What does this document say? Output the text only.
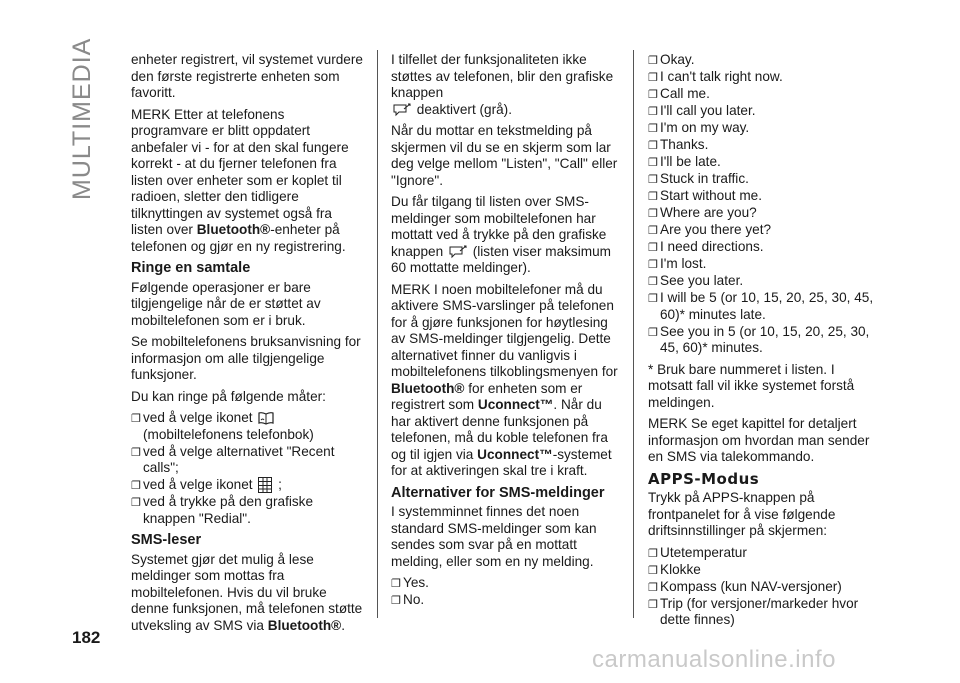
MULTIMEDIA	enheter registrert, vil systemet vurdere den første registrerte enheten som favoritt.

MERK Etter at telefonens programvare er blitt oppdatert anbefaler vi - for at den skal fungere korrekt - at du fjerner telefonen fra listen over enheter som er koplet til radioen, sletter den tidligere tilknyttingen av systemet også fra listen over Bluetooth®-enheter på telefonen og gjør en ny registrering.

Ringe en samtale

Følgende operasjoner er bare tilgjengelige når de er støttet av mobiltelefonen som er i bruk.

Se mobiltelefonens bruksanvisning for informasjon om alle tilgjengelige funksjoner.

Du kan ringe på følgende måter:

❐ ved å velge ikonet
(mobiltelefonens telefonbok)
❐ ved å velge alternativet "Recent calls";
❐ ved å velge ikonet ;
❐ ved å trykke på den grafiske knappen "Redial".
SMS-leser

Systemet gjør det mulig å lese meldinger som mottas fra mobiltelefonen. Hvis du vil bruke denne funksjonen, må telefonen støtte utveksling av SMS via Bluetooth®.

I tilfellet der funksjonaliteten ikke støttes av telefonen, blir den grafiske knappen
deaktivert (grå).

Når du mottar en tekstmelding på skjermen vil du se en skjerm som lar deg velge mellom "Listen", "Call" eller "Ignore".

Du får tilgang til listen over SMS-meldinger som mobiltelefonen har mottatt ved å trykke på den grafiske knappen (listen viser maksimum 60 mottatte meldinger).

MERK I noen mobiltelefoner må du aktivere SMS-varslinger på telefonen for å gjøre funksjonen for høytlesing av SMS-meldinger tilgjengelig. Dette alternativet finner du vanligvis i mobiltelefonens tilkoblingsmenyen for Bluetooth® for enheten som er registrert som Uconnect™. Når du har aktivert denne funksjonen på telefonen, må du koble telefonen fra og til igjen via Uconnect™-systemet for at aktiveringen skal tre i kraft.

Alternativer for SMS-meldinger

I systemminnet finnes det noen standard SMS-meldinger som kan sendes som svar på en mottatt melding, eller som en ny melding.

❐ Yes.
❐ No.
❐ Okay.
❐ I can't talk right now.
❐ Call me.
❐ I'll call you later.
❐ I'm on my way.
❐ Thanks.
❐ I'll be late.
❐ Stuck in traffic.
❐ Start without me.
❐ Where are you?
❐ Are you there yet?
❐ I need directions.
❐ I'm lost.
❐ See you later.
❐ I will be 5 (or 10, 15, 20, 25, 30, 45, 60)* minutes late.
❐ See you in 5 (or 10, 15, 20, 25, 30, 45, 60)* minutes.

* Bruk bare nummeret i listen. I motsatt fall vil ikke systemet forstå meldingen.

MERK Se eget kapittel for detaljert informasjon om hvordan man sender en SMS via talekommando.

APPS-Modus

Trykk på APPS-knappen på frontpanelet for å vise følgende driftsinnstillinger på skjermen:

❐ Utetemperatur
❐ Klokke
❐ Kompass (kun NAV-versjoner)
❐ Trip (for versjoner/markeder hvor dette finnes)
182
carmanualsonline.info
